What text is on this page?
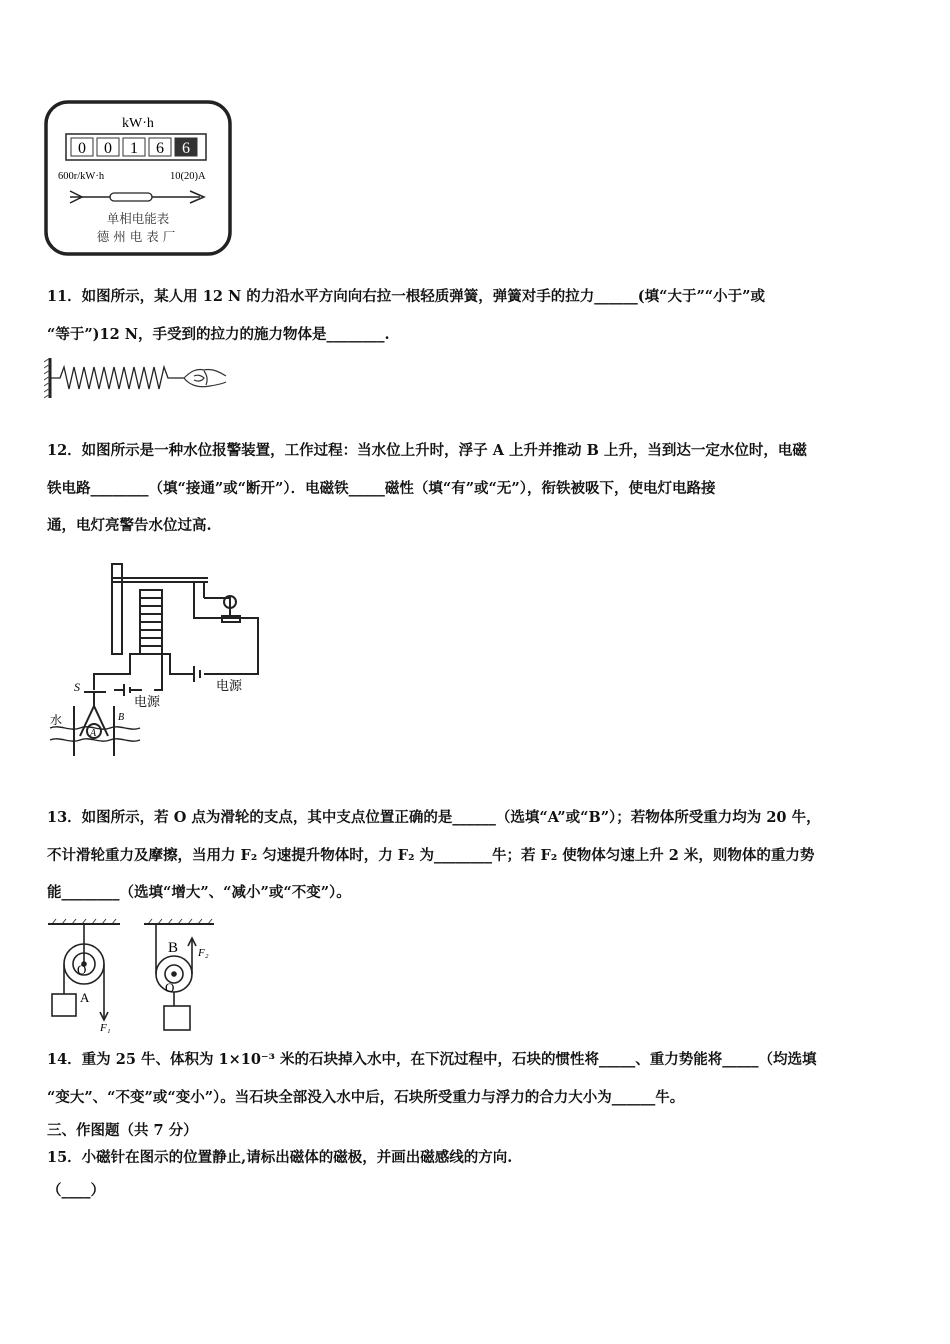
kW·h
0 0 1 6 6
600r/kW·h	10(20)A
单相电能表
德州电表厂
11．如图所示，某人用 12 N 的力沿水平方向向右拉一根轻质弹簧，弹簧对手的拉力______(填“大于”“小于”或
“等于”)12 N，手受到的拉力的施力物体是________.
12．如图所示是一种水位报警装置，工作过程：当水位上升时，浮子 A 上升并推动 B 上升，当到达一定水位时，电磁
铁电路________（填“接通”或“断开”）．电磁铁_____磁性（填“有”或“无”），衔铁被吸下，使电灯电路接
通，电灯亮警告水位过高.
S
电源
电源
水
A
B
13．如图所示，若 O 点为滑轮的支点，其中支点位置正确的是______（选填“A”或“B”）；若物体所受重力均为 20 牛，
不计滑轮重力及摩擦，当用力 F₂ 匀速提升物体时，力 F₂ 为________牛；若 F₂ 使物体匀速上升 2 米，则物体的重力势
能________（选填“增大”、“减小”或“不变”）。
O
A
F₁
B
O
F₂
14．重为 25 牛、体积为 1×10⁻³ 米的石块掉入水中，在下沉过程中，石块的惯性将_____、重力势能将_____（均选填
“变大”、“不变”或“变小”）。当石块全部没入水中后，石块所受重力与浮力的合力大小为______牛。
三、作图题（共 7 分）
15．小磁针在图示的位置静止,请标出磁体的磁极，并画出磁感线的方向.
（____）
